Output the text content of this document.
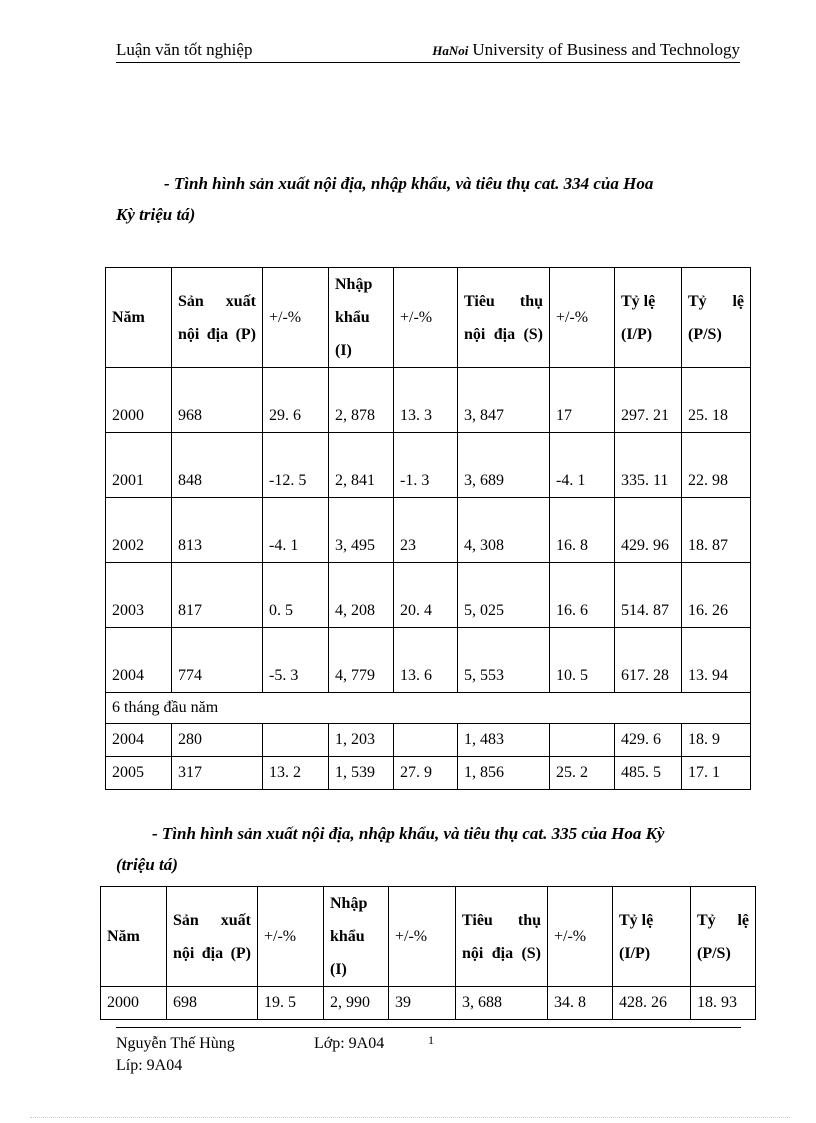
Luận văn tốt nghiệp	HaNoi University of Business and Technology
- Tình hình sản xuất nội địa, nhập khẩu, và tiêu thụ cat. 334 của Hoa
Kỳ triệu tá)
Năm	Sản xuất nội địa (P)	+/-%	Nhập khẩu (I)	+/-%	Tiêu thụ nội địa (S)	+/-%	Tỷ lệ (I/P)	Tỷ lệ (P/S)
2000	968	29. 6	2, 878	13. 3	3, 847	17	297. 21	25. 18
2001	848	-12. 5	2, 841	-1. 3	3, 689	-4. 1	335. 11	22. 98
2002	813	-4. 1	3, 495	23	4, 308	16. 8	429. 96	18. 87
2003	817	0. 5	4, 208	20. 4	5, 025	16. 6	514. 87	16. 26
2004	774	-5. 3	4, 779	13. 6	5, 553	10. 5	617. 28	13. 94
6 tháng đầu năm								
2004	280		1, 203		1, 483		429. 6	18. 9
2005	317	13. 2	1, 539	27. 9	1, 856	25. 2	485. 5	17. 1
- Tình hình sản xuất nội địa, nhập khẩu, và tiêu thụ cat. 335 của Hoa Kỳ
(triệu tá)
Năm	Sản xuất nội địa (P)	+/-%	Nhập khẩu (I)	+/-%	Tiêu thụ nội địa (S)	+/-%	Tỷ lệ (I/P)	Tỷ lệ (P/S)
2000	698	19. 5	2, 990	39	3, 688	34. 8	428. 26	18. 93
Nguyễn Thế Hùng
Líp: 9A04
Lớp: 9A04	1
